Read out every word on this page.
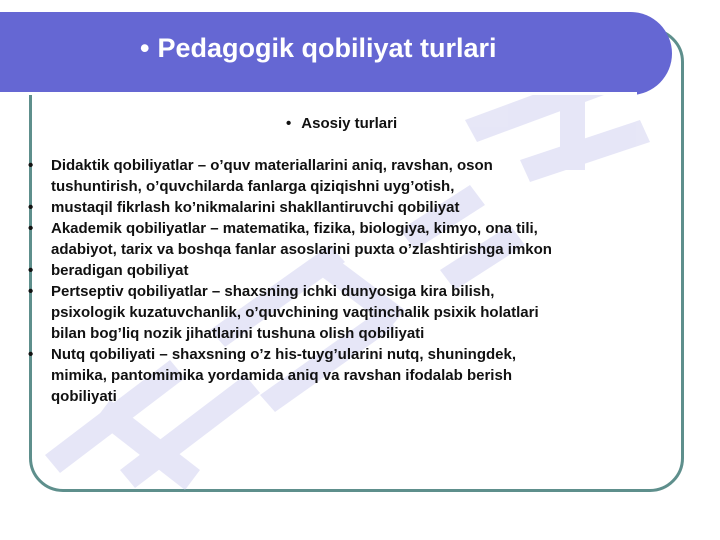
• Pedagogik qobiliyat turlari
• Asosiy turlari
• Didaktik qobiliyatlar – o’quv materiallarini aniq, ravshan, oson
tushuntirish, o’quvchilarda fanlarga qiziqishni uyg’otish,
• mustaqil fikrlash ko’nikmalarini shakllantiruvchi qobiliyat
• Akademik qobiliyatlar – matematika, fizika, biologiya, kimyo, ona tili,
adabiyot, tarix va boshqa fanlar asoslarini puxta o’zlashtirishga imkon
• beradigan qobiliyat
• Pertseptiv qobiliyatlar – shaxsning ichki dunyosiga kira bilish,
psixologik kuzatuvchanlik, o’quvchining vaqtinchalik psixik holatlari
bilan bog’liq nozik jihatlarini tushuna olish qobiliyati
• Nutq qobiliyati – shaxsning o’z his-tuyg’ularini nutq, shuningdek,
mimika, pantomimika yordamida aniq va ravshan ifodalab berish
qobiliyati
